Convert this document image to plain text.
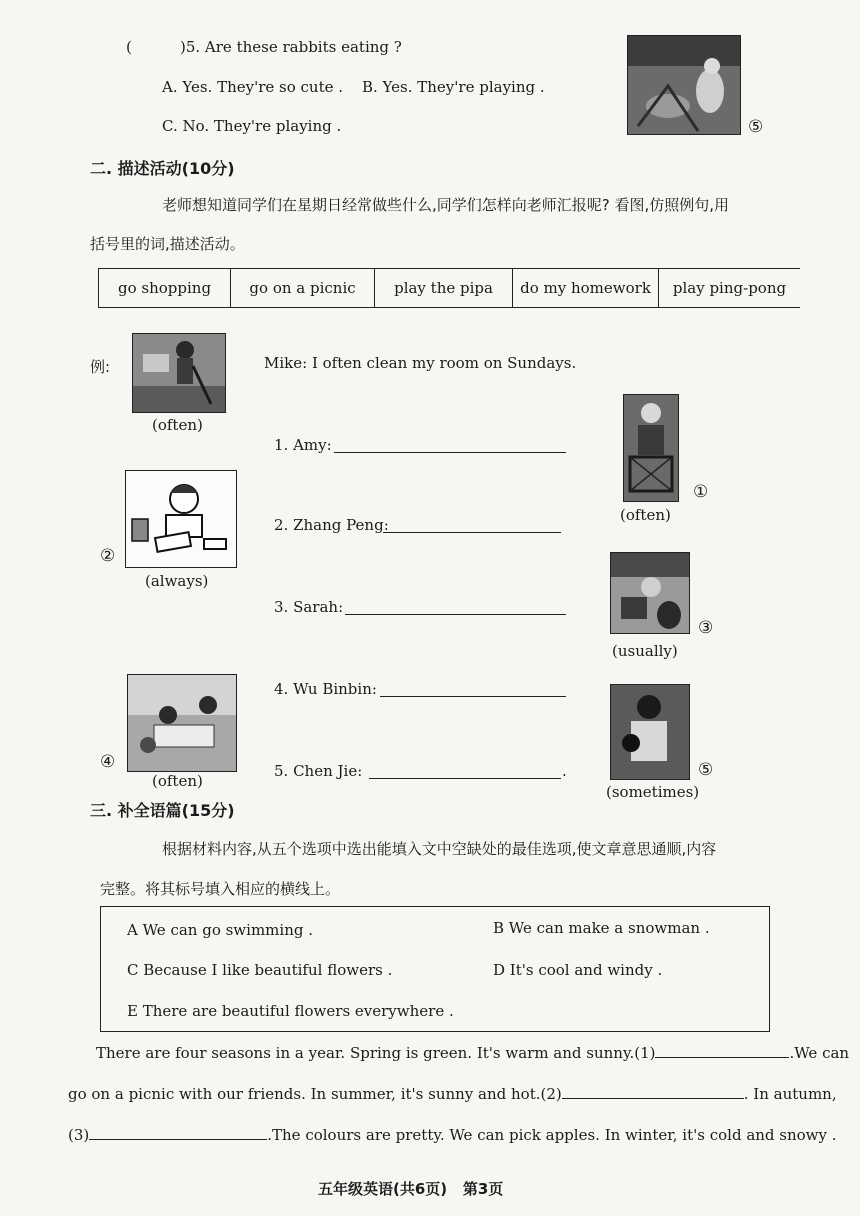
(	)5. Are these rabbits eating ?
A. Yes. They're so cute . B. Yes. They're playing .
C. No. They're playing .	⑤
二. 描述活动(10分)
老师想知道同学们在星期日经常做些什么,同学们怎样向老师汇报呢? 看图,仿照例句,用
括号里的词,描述活动。
go shopping	go on a picnic	play the pipa	do my homework	play ping-pong
例:
(often)
Mike: I often clean my room on Sundays.
1. Amy:
(often)
①
②
(always)
2. Zhang Peng:
3. Sarah:
③
(usually)
④
(often)
4. Wu Binbin:
5. Chen Jie:	.	⑤
(sometimes)
三. 补全语篇(15分)
根据材料内容,从五个选项中选出能填入文中空缺处的最佳选项,使文章意思通顺,内容
完整。将其标号填入相应的横线上。
A We can go swimming .	B We can make a snowman .
C Because I like beautiful flowers .	D It's cool and windy .
E There are beautiful flowers everywhere .
There are four seasons in a year. Spring is green. It's warm and sunny.(1)	.We can
go on a picnic with our friends. In summer, it's sunny and hot.(2)	. In autumn,
(3)	.The colours are pretty. We can pick apples. In winter, it's cold and snowy .
五年级英语(共6页)   第3页
